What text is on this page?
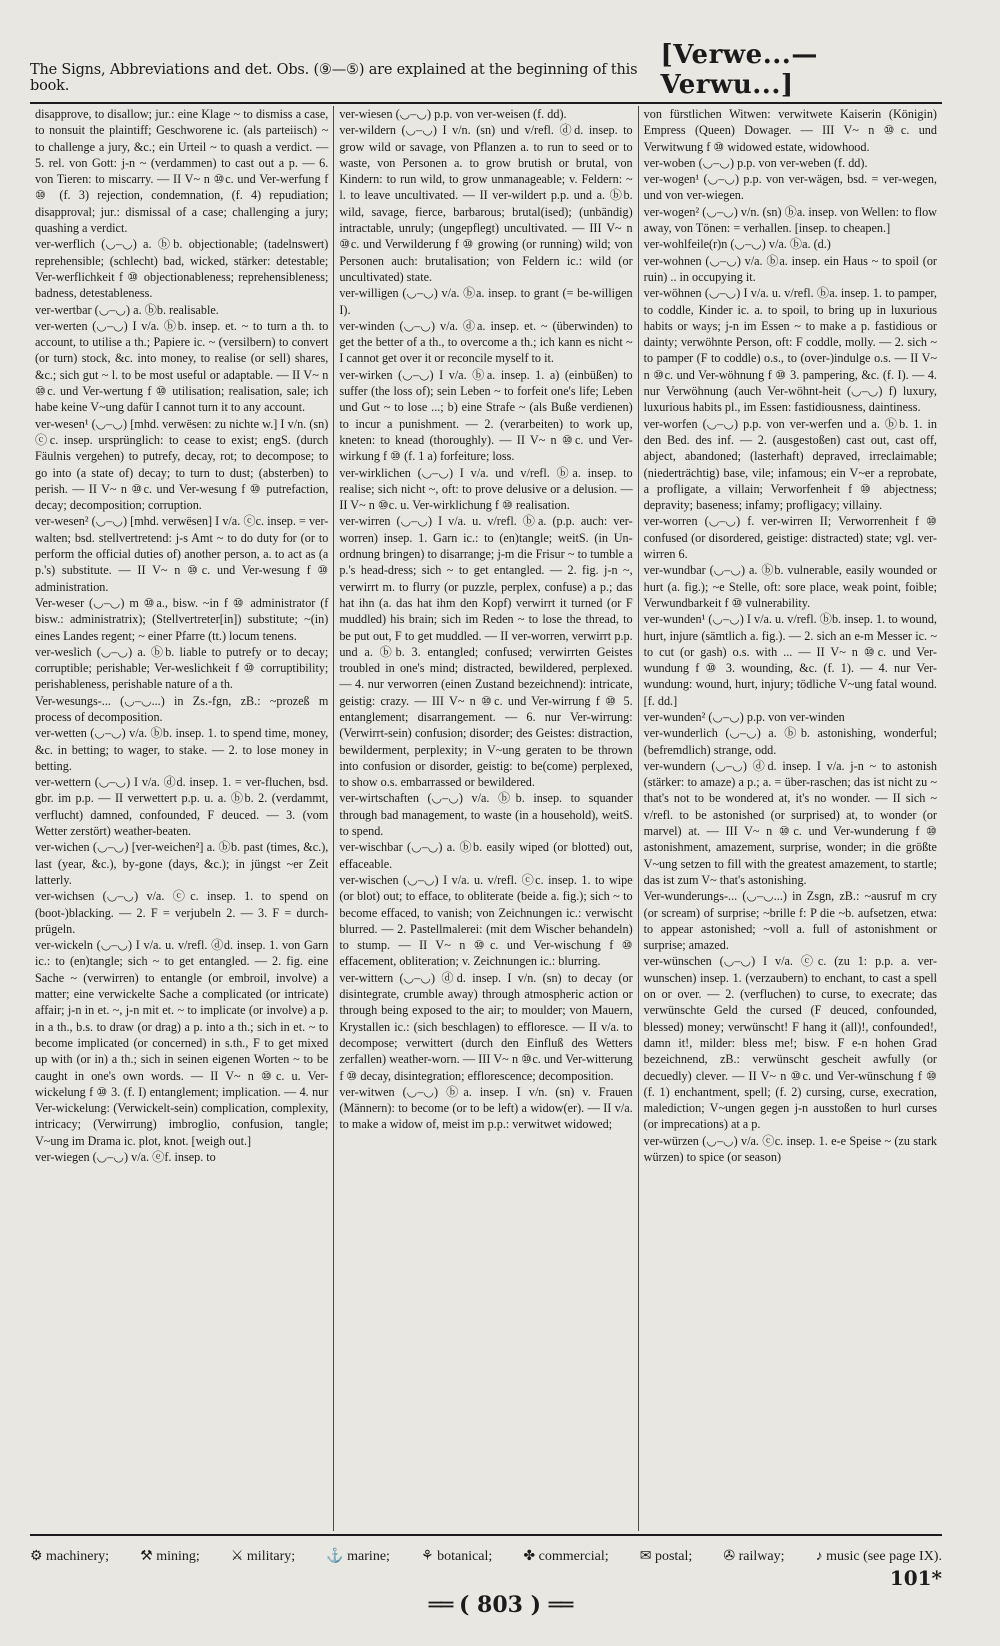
The Signs, Abbreviations and det. Obs. (⑨—⑤) are explained at the beginning of this book.
[Verwe...—Verwu...]

disapprove, to disallow; jur.: eine Klage ~ to dismiss a case, to nonsuit the plaintiff; Geschworene ic. (als parteiisch) ~ to challenge a jury, &c.; ein Urteil ~ to quash a verdict. — 5. rel. von Gott: j-n ~ (verdammen) to cast out a p. — 6. von Tieren: to miscarry. — II V~ n ⑩c. und Ver-werfung f ⑩ (f. 3) rejection, condemnation, (f. 4) repudiation; disapproval; jur.: dismissal of a case; challenging a jury; quashing a verdict.

ver-werflich (◡–◡) a. ⓑb. objectionable; (tadelnswert) reprehensible; (schlecht) bad, wicked, stärker: detestable; Ver-werflichkeit f ⑩ objectionableness; reprehensibleness; badness, detestableness.

ver-wertbar (◡–◡) a. ⓑb. realisable.

ver-werten (◡–◡) I v/a. ⓑb. insep. et. ~ to turn a th. to account, to utilise a th.; Papiere ic. ~ (versilbern) to convert (or turn) stock, &c. into money, to realise (or sell) shares, &c.; sich gut ~ l. to be most useful or adaptable. — II V~ n ⑩c. und Ver-wertung f ⑩ utilisation; realisation, sale; ich habe keine V~ung dafür I cannot turn it to any account.

ver-wesen¹ (◡–◡) [mhd. verwësen: zu nichte w.] I v/n. (sn) ⓒc. insep. ursprünglich: to cease to exist; engS. (durch Fäulnis vergehen) to putrefy, decay, rot; to decompose; to go into (a state of) decay; to turn to dust; (absterben) to perish. — II V~ n ⑩c. und Ver-wesung f ⑩ putrefaction, decay; decomposition; corruption.

ver-wesen² (◡–◡) [mhd. verwësen] I v/a. ⓒc. insep. = ver-walten; bsd. stellvertretend: j-s Amt ~ to do duty for (or to perform the official duties of) another person, a. to act as (a p.'s) substitute. — II V~ n ⑩c. und Ver-wesung f ⑩ administration.

Ver-weser (◡–◡) m ⑩a., bisw. ~in f ⑩ administrator (f bisw.: administratrix); (Stellvertreter[in]) substitute; ~(in) eines Landes regent; ~ einer Pfarre (tt.) locum tenens.

ver-weslich (◡–◡) a. ⓑb. liable to putrefy or to decay; corruptible; perishable; Ver-weslichkeit f ⑩ corruptibility; perishableness, perishable nature of a th.

Ver-wesungs-... (◡–◡...) in Zs.-fgn, zB.: ~prozeß m process of decomposition.

ver-wetten (◡–◡) v/a. ⓑb. insep. 1. to spend time, money, &c. in betting; to wager, to stake. — 2. to lose money in betting.

ver-wettern (◡–◡) I v/a. ⓓd. insep. 1. = ver-fluchen, bsd. gbr. im p.p. — II verwettert p.p. u. a. ⓑb. 2. (verdammt, verflucht) damned, confounded, F deuced. — 3. (vom Wetter zerstört) weather-beaten.

ver-wichen (◡–◡) [ver-weichen²] a. ⓑb. past (times, &c.), last (year, &c.), by-gone (days, &c.); in jüngst ~er Zeit latterly.

ver-wichsen (◡–◡) v/a. ⓒc. insep. 1. to spend on (boot-)blacking. — 2. F = verjubeln 2. — 3. F = durch-prügeln.

ver-wickeln (◡–◡) I v/a. u. v/refl. ⓓd. insep. 1. von Garn ic.: to (en)tangle; sich ~ to get entangled. — 2. fig. eine Sache ~ (verwirren) to entangle (or embroil, involve) a matter; eine verwickelte Sache a complicated (or intricate) affair; j-n in et. ~, j-n mit et. ~ to implicate (or involve) a p. in a th., b.s. to draw (or drag) a p. into a th.; sich in et. ~ to become implicated (or concerned) in s.th., F to get mixed up with (or in) a th.; sich in seinen eigenen Worten ~ to be caught in one's own words. — II V~ n ⑩c. u. Ver-wickelung f ⑩ 3. (f. I) entanglement; implication. — 4. nur Ver-wickelung: (Verwickelt-sein) complication, complexity, intricacy; (Verwirrung) imbroglio, confusion, tangle; V~ung im Drama ic. plot, knot. [weigh out.]

ver-wiegen (◡–◡) v/a. ⓔf. insep. to

ver-wiesen (◡–◡) p.p. von ver-weisen (f. dd).

ver-wildern (◡–◡) I v/n. (sn) und v/refl. ⓓd. insep. to grow wild or savage, von Pflanzen a. to run to seed or to waste, von Personen a. to grow brutish or brutal, von Kindern: to run wild, to grow unmanageable; v. Feldern: ~ l. to leave uncultivated. — II ver-wildert p.p. und a. ⓑb. wild, savage, fierce, barbarous; brutal(ised); (unbändig) intractable, unruly; (ungepflegt) uncultivated. — III V~ n ⑩c. und Verwilderung f ⑩ growing (or running) wild; von Personen auch: brutalisation; von Feldern ic.: wild (or uncultivated) state.

ver-willigen (◡–◡) v/a. ⓑa. insep. to grant (= be-willigen I).

ver-winden (◡–◡) v/a. ⓓa. insep. et. ~ (überwinden) to get the better of a th., to overcome a th.; ich kann es nicht ~ I cannot get over it or reconcile myself to it.

ver-wirken (◡–◡) I v/a. ⓑa. insep. 1. a) (einbüßen) to suffer (the loss of); sein Leben ~ to forfeit one's life; Leben und Gut ~ to lose ...; b) eine Strafe ~ (als Buße verdienen) to incur a punishment. — 2. (verarbeiten) to work up, kneten: to knead (thoroughly). — II V~ n ⑩c. und Ver-wirkung f ⑩ (f. 1 a) forfeiture; loss.

ver-wirklichen (◡–◡) I v/a. und v/refl. ⓑa. insep. to realise; sich nicht ~, oft: to prove delusive or a delusion. — II V~ n ⑩c. u. Ver-wirklichung f ⑩ realisation.

ver-wirren (◡–◡) I v/a. u. v/refl. ⓑa. (p.p. auch: ver-worren) insep. 1. Garn ic.: to (en)tangle; weitS. (in Un-ordnung bringen) to disarrange; j-m die Frisur ~ to tumble a p.'s head-dress; sich ~ to get entangled. — 2. fig. j-n ~, verwirrt m. to flurry (or puzzle, perplex, confuse) a p.; das hat ihn (a. das hat ihm den Kopf) verwirrt it turned (or F muddled) his brain; sich im Reden ~ to lose the thread, to be put out, F to get muddled. — II ver-worren, verwirrt p.p. und a. ⓑb. 3. entangled; confused; verwirrten Geistes troubled in one's mind; distracted, bewildered, perplexed. — 4. nur verworren (einen Zustand bezeichnend): intricate, geistig: crazy. — III V~ n ⑩c. und Ver-wirrung f ⑩ 5. entanglement; disarrangement. — 6. nur Ver-wirrung: (Verwirrt-sein) confusion; disorder; des Geistes: distraction, bewilderment, perplexity; in V~ung geraten to be thrown into confusion or disorder, geistig: to be(come) perplexed, to show o.s. embarrassed or bewildered.

ver-wirtschaften (◡–◡) v/a. ⓑb. insep. to squander through bad management, to waste (in a household), weitS. to spend.

ver-wischbar (◡–◡) a. ⓑb. easily wiped (or blotted) out, effaceable.

ver-wischen (◡–◡) I v/a. u. v/refl. ⓒc. insep. 1. to wipe (or blot) out; to efface, to obliterate (beide a. fig.); sich ~ to become effaced, to vanish; von Zeichnungen ic.: verwischt blurred. — 2. Pastellmalerei: (mit dem Wischer behandeln) to stump. — II V~ n ⑩c. und Ver-wischung f ⑩ effacement, obliteration; v. Zeichnungen ic.: blurring.

ver-wittern (◡–◡) ⓓd. insep. I v/n. (sn) to decay (or disintegrate, crumble away) through atmospheric action or through being exposed to the air; to moulder; von Mauern, Krystallen ic.: (sich beschlagen) to effloresce. — II v/a. to decompose; verwittert (durch den Einfluß des Wetters zerfallen) weather-worn. — III V~ n ⑩c. und Ver-witterung f ⑩ decay, disintegration; efflorescence; decomposition.

ver-witwen (◡–◡) ⓑa. insep. I v/n. (sn) v. Frauen (Männern): to become (or to be left) a widow(er). — II v/a. to make a widow of, meist im p.p.: verwitwet widowed;

von fürstlichen Witwen: verwitwete Kaiserin (Königin) Empress (Queen) Dowager. — III V~ n ⑩c. und Verwitwung f ⑩ widowed estate, widowhood.

ver-woben (◡–◡) p.p. von ver-weben (f. dd).

ver-wogen¹ (◡–◡) p.p. von ver-wägen, bsd. = ver-wegen, und von ver-wiegen.

ver-wogen² (◡–◡) v/n. (sn) ⓑa. insep. von Wellen: to flow away, von Tönen: = verhallen. [insep. to cheapen.]

ver-wohlfeile(r)n (◡–◡) v/a. ⓑa. (d.)

ver-wohnen (◡–◡) v/a. ⓑa. insep. ein Haus ~ to spoil (or ruin) .. in occupying it.

ver-wöhnen (◡–◡) I v/a. u. v/refl. ⓑa. insep. 1. to pamper, to coddle, Kinder ic. a. to spoil, to bring up in luxurious habits or ways; j-n im Essen ~ to make a p. fastidious or dainty; verwöhnte Person, oft: F coddle, molly. — 2. sich ~ to pamper (F to coddle) o.s., to (over-)indulge o.s. — II V~ n ⑩c. und Ver-wöhnung f ⑩ 3. pampering, &c. (f. I). — 4. nur Verwöhnung (auch Ver-wöhnt-heit (◡–◡) f) luxury, luxurious habits pl., im Essen: fastidiousness, daintiness.

ver-worfen (◡–◡) p.p. von ver-werfen und a. ⓑb. 1. in den Bed. des inf. — 2. (ausgestoßen) cast out, cast off, abject, abandoned; (lasterhaft) depraved, irreclaimable; (niederträchtig) base, vile; infamous; ein V~er a reprobate, a profligate, a villain; Verworfenheit f ⑩ abjectness; depravity; baseness; infamy; profligacy; villainy.

ver-worren (◡–◡) f. ver-wirren II; Verworrenheit f ⑩ confused (or disordered, geistige: distracted) state; vgl. ver-wirren 6.

ver-wundbar (◡–◡) a. ⓑb. vulnerable, easily wounded or hurt (a. fig.); ~e Stelle, oft: sore place, weak point, foible; Verwundbarkeit f ⑩ vulnerability.

ver-wunden¹ (◡–◡) I v/a. u. v/refl. ⓑb. insep. 1. to wound, hurt, injure (sämtlich a. fig.). — 2. sich an e-m Messer ic. ~ to cut (or gash) o.s. with ... — II V~ n ⑩c. und Ver-wundung f ⑩ 3. wounding, &c. (f. 1). — 4. nur Ver-wundung: wound, hurt, injury; tödliche V~ung fatal wound. [f. dd.]

ver-wunden² (◡–◡) p.p. von ver-winden

ver-wunderlich (◡–◡) a. ⓑb. astonishing, wonderful; (befremdlich) strange, odd.

ver-wundern (◡–◡) ⓓd. insep. I v/a. j-n ~ to astonish (stärker: to amaze) a p.; a. = über-raschen; das ist nicht zu ~ that's not to be wondered at, it's no wonder. — II sich ~ v/refl. to be astonished (or surprised) at, to wonder (or marvel) at. — III V~ n ⑩c. und Ver-wunderung f ⑩ astonishment, amazement, surprise, wonder; in die größte V~ung setzen to fill with the greatest amazement, to startle; das ist zum V~ that's astonishing.

Ver-wunderungs-... (◡–◡...) in Zsgn, zB.: ~ausruf m cry (or scream) of surprise; ~brille f: P die ~b. aufsetzen, etwa: to appear astonished; ~voll a. full of astonishment or surprise; amazed.

ver-wünschen (◡–◡) I v/a. ⓒc. (zu 1: p.p. a. ver-wunschen) insep. 1. (verzaubern) to enchant, to cast a spell on or over. — 2. (verfluchen) to curse, to execrate; das verwünschte Geld the cursed (F deuced, confounded, blessed) money; verwünscht! F hang it (all)!, confounded!, damn it!, milder: bless me!; bisw. F e-n hohen Grad bezeichnend, zB.: verwünscht gescheit awfully (or decuedly) clever. — II V~ n ⑩c. und Ver-wünschung f ⑩ (f. 1) enchantment, spell; (f. 2) cursing, curse, execration, malediction; V~ungen gegen j-n ausstoßen to hurl curses (or imprecations) at a p.

ver-würzen (◡–◡) v/a. ⓒc. insep. 1. e-e Speise ~ (zu stark würzen) to spice (or season)

⚙ machinery; ⚒ mining; ⚔ military; ⚓ marine; ⚘ botanical; ✤ commercial; ✉ postal; ✇ railway; ♪ music (see page IX).
══ ( 803 ) ══
101*
